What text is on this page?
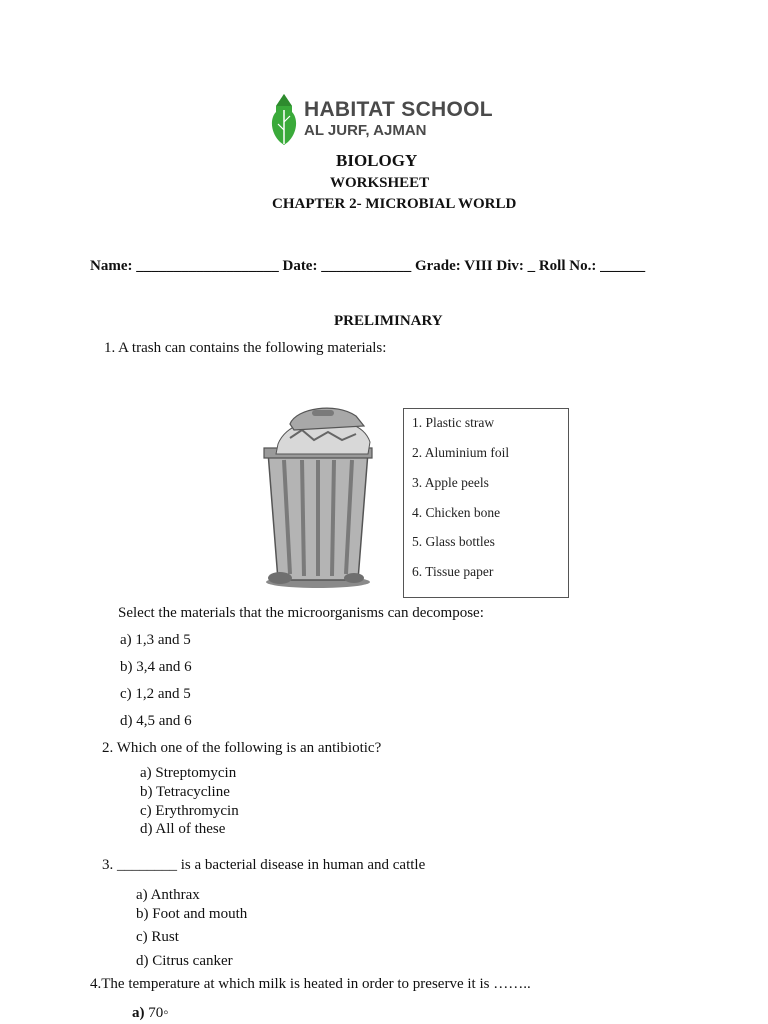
HABITAT SCHOOL
AL JURF, AJMAN
BIOLOGY
WORKSHEET
CHAPTER 2- MICROBIAL WORLD
Name: ___________________ Date: ____________ Grade: VIII Div: _ Roll No.: ______
PRELIMINARY
1. A trash can contains the following materials:
1. Plastic straw
2. Aluminium foil
3. Apple peels
4. Chicken bone
5. Glass bottles
6. Tissue paper
Select the materials that the microorganisms can decompose:
a) 1,3 and 5
b) 3,4 and 6
c) 1,2 and 5
d) 4,5 and 6
2. Which one of the following is an antibiotic?
a) Streptomycin
b) Tetracycline
c) Erythromycin
d) All of these
3. ________ is a bacterial disease in human and cattle
a) Anthrax
b) Foot and mouth
c) Rust
d) Citrus canker
4.The temperature at which milk is heated in order to preserve it is ……..
a) 70◦
